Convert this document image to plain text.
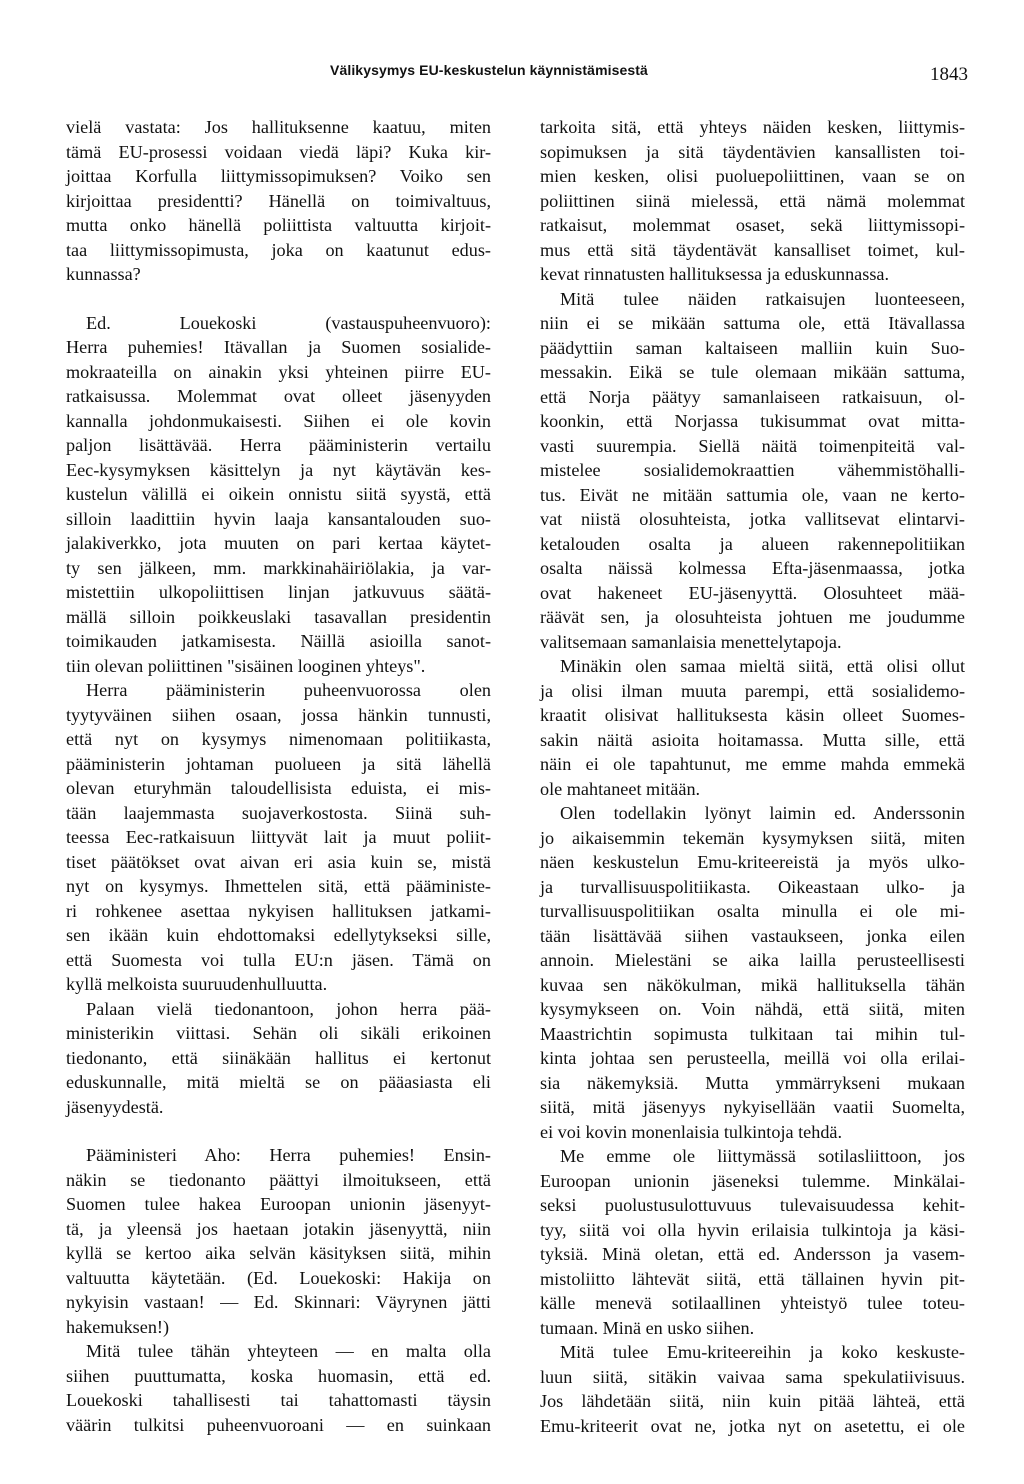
Välikysymys EU-keskustelun käynnistämisestä	1843
vielä vastata: Jos hallituksenne kaatuu, miten
tämä EU-prosessi voidaan viedä läpi? Kuka kir-
joittaa Korfulla liittymissopimuksen? Voiko sen
kirjoittaa presidentti? Hänellä on toimivaltuus,
mutta onko hänellä poliittista valtuutta kirjoit-
taa liittymissopimusta, joka on kaatunut edus-
kunnassa?
Ed. Louekoski (vastauspuheenvuoro):
Herra puhemies! Itävallan ja Suomen sosialide-
mokraateilla on ainakin yksi yhteinen piirre EU-
ratkaisussa. Molemmat ovat olleet jäsenyyden
kannalla johdonmukaisesti. Siihen ei ole kovin
paljon lisättävää. Herra pääministerin vertailu
Eec-kysymyksen käsittelyn ja nyt käytävän kes-
kustelun välillä ei oikein onnistu siitä syystä, että
silloin laadittiin hyvin laaja kansantalouden suo-
jalakiverkko, jota muuten on pari kertaa käytet-
ty sen jälkeen, mm. markkinahäiriölakia, ja var-
mistettiin ulkopoliittisen linjan jatkuvuus säätä-
mällä silloin poikkeuslaki tasavallan presidentin
toimikauden jatkamisesta. Näillä asioilla sanot-
tiin olevan poliittinen "sisäinen looginen yhteys".
Herra pääministerin puheenvuorossa olen
tyytyväinen siihen osaan, jossa hänkin tunnusti,
että nyt on kysymys nimenomaan politiikasta,
pääministerin johtaman puolueen ja sitä lähellä
olevan eturyhmän taloudellisista eduista, ei mis-
tään laajemmasta suojaverkostosta. Siinä suh-
teessa Eec-ratkaisuun liittyvät lait ja muut poliit-
tiset päätökset ovat aivan eri asia kuin se, mistä
nyt on kysymys. Ihmettelen sitä, että pääministe-
ri rohkenee asettaa nykyisen hallituksen jatkami-
sen ikään kuin ehdottomaksi edellytykseksi sille,
että Suomesta voi tulla EU:n jäsen. Tämä on
kyllä melkoista suuruudenhulluutta.
Palaan vielä tiedonantoon, johon herra pää-
ministerikin viittasi. Sehän oli sikäli erikoinen
tiedonanto, että siinäkään hallitus ei kertonut
eduskunnalle, mitä mieltä se on pääasiasta eli
jäsenyydestä.
Pääministeri Aho: Herra puhemies! Ensin-
näkin se tiedonanto päättyi ilmoitukseen, että
Suomen tulee hakea Euroopan unionin jäsenyyt-
tä, ja yleensä jos haetaan jotakin jäsenyyttä, niin
kyllä se kertoo aika selvän käsityksen siitä, mihin
valtuutta käytetään. (Ed. Louekoski: Hakija on
nykyisin vastaan! — Ed. Skinnari: Väyrynen jätti
hakemuksen!)
Mitä tulee tähän yhteyteen — en malta olla
siihen puuttumatta, koska huomasin, että ed.
Louekoski tahallisesti tai tahattomasti täysin
väärin tulkitsi puheenvuoroani — en suinkaan
tarkoita sitä, että yhteys näiden kesken, liittymis-
sopimuksen ja sitä täydentävien kansallisten toi-
mien kesken, olisi puoluepoliittinen, vaan se on
poliittinen siinä mielessä, että nämä molemmat
ratkaisut, molemmat osaset, sekä liittymissopi-
mus että sitä täydentävät kansalliset toimet, kul-
kevat rinnatusten hallituksessa ja eduskunnassa.
Mitä tulee näiden ratkaisujen luonteeseen,
niin ei se mikään sattuma ole, että Itävallassa
päädyttiin saman kaltaiseen malliin kuin Suo-
messakin. Eikä se tule olemaan mikään sattuma,
että Norja päätyy samanlaiseen ratkaisuun, ol-
koonkin, että Norjassa tukisummat ovat mitta-
vasti suurempia. Siellä näitä toimenpiteitä val-
mistelee sosialidemokraattien vähemmistöhalli-
tus. Eivät ne mitään sattumia ole, vaan ne kerto-
vat niistä olosuhteista, jotka vallitsevat elintarvi-
ketalouden osalta ja alueen rakennepolitiikan
osalta näissä kolmessa Efta-jäsenmaassa, jotka
ovat hakeneet EU-jäsenyyttä. Olosuhteet mää-
räävät sen, ja olosuhteista johtuen me joudumme
valitsemaan samanlaisia menettelytapoja.
Minäkin olen samaa mieltä siitä, että olisi ollut
ja olisi ilman muuta parempi, että sosialidemo-
kraatit olisivat hallituksesta käsin olleet Suomes-
sakin näitä asioita hoitamassa. Mutta sille, että
näin ei ole tapahtunut, me emme mahda emmekä
ole mahtaneet mitään.
Olen todellakin lyönyt laimin ed. Anderssonin
jo aikaisemmin tekemän kysymyksen siitä, miten
näen keskustelun Emu-kriteereistä ja myös ulko-
ja turvallisuuspolitiikasta. Oikeastaan ulko- ja
turvallisuuspolitiikan osalta minulla ei ole mi-
tään lisättävää siihen vastaukseen, jonka eilen
annoin. Mielestäni se aika lailla perusteellisesti
kuvaa sen näkökulman, mikä hallituksella tähän
kysymykseen on. Voin nähdä, että siitä, miten
Maastrichtin sopimusta tulkitaan tai mihin tul-
kinta johtaa sen perusteella, meillä voi olla erilai-
sia näkemyksiä. Mutta ymmärrykseni mukaan
siitä, mitä jäsenyys nykyisellään vaatii Suomelta,
ei voi kovin monenlaisia tulkintoja tehdä.
Me emme ole liittymässä sotilasliittoon, jos
Euroopan unionin jäseneksi tulemme. Minkälai-
seksi puolustusulottuvuus tulevaisuudessa kehit-
tyy, siitä voi olla hyvin erilaisia tulkintoja ja käsi-
tyksiä. Minä oletan, että ed. Andersson ja vasem-
mistoliitto lähtevät siitä, että tällainen hyvin pit-
källe menevä sotilaallinen yhteistyö tulee toteu-
tumaan. Minä en usko siihen.
Mitä tulee Emu-kriteereihin ja koko keskuste-
luun siitä, sitäkin vaivaa sama spekulatiivisuus.
Jos lähdetään siitä, niin kuin pitää lähteä, että
Emu-kriteerit ovat ne, jotka nyt on asetettu, ei ole
